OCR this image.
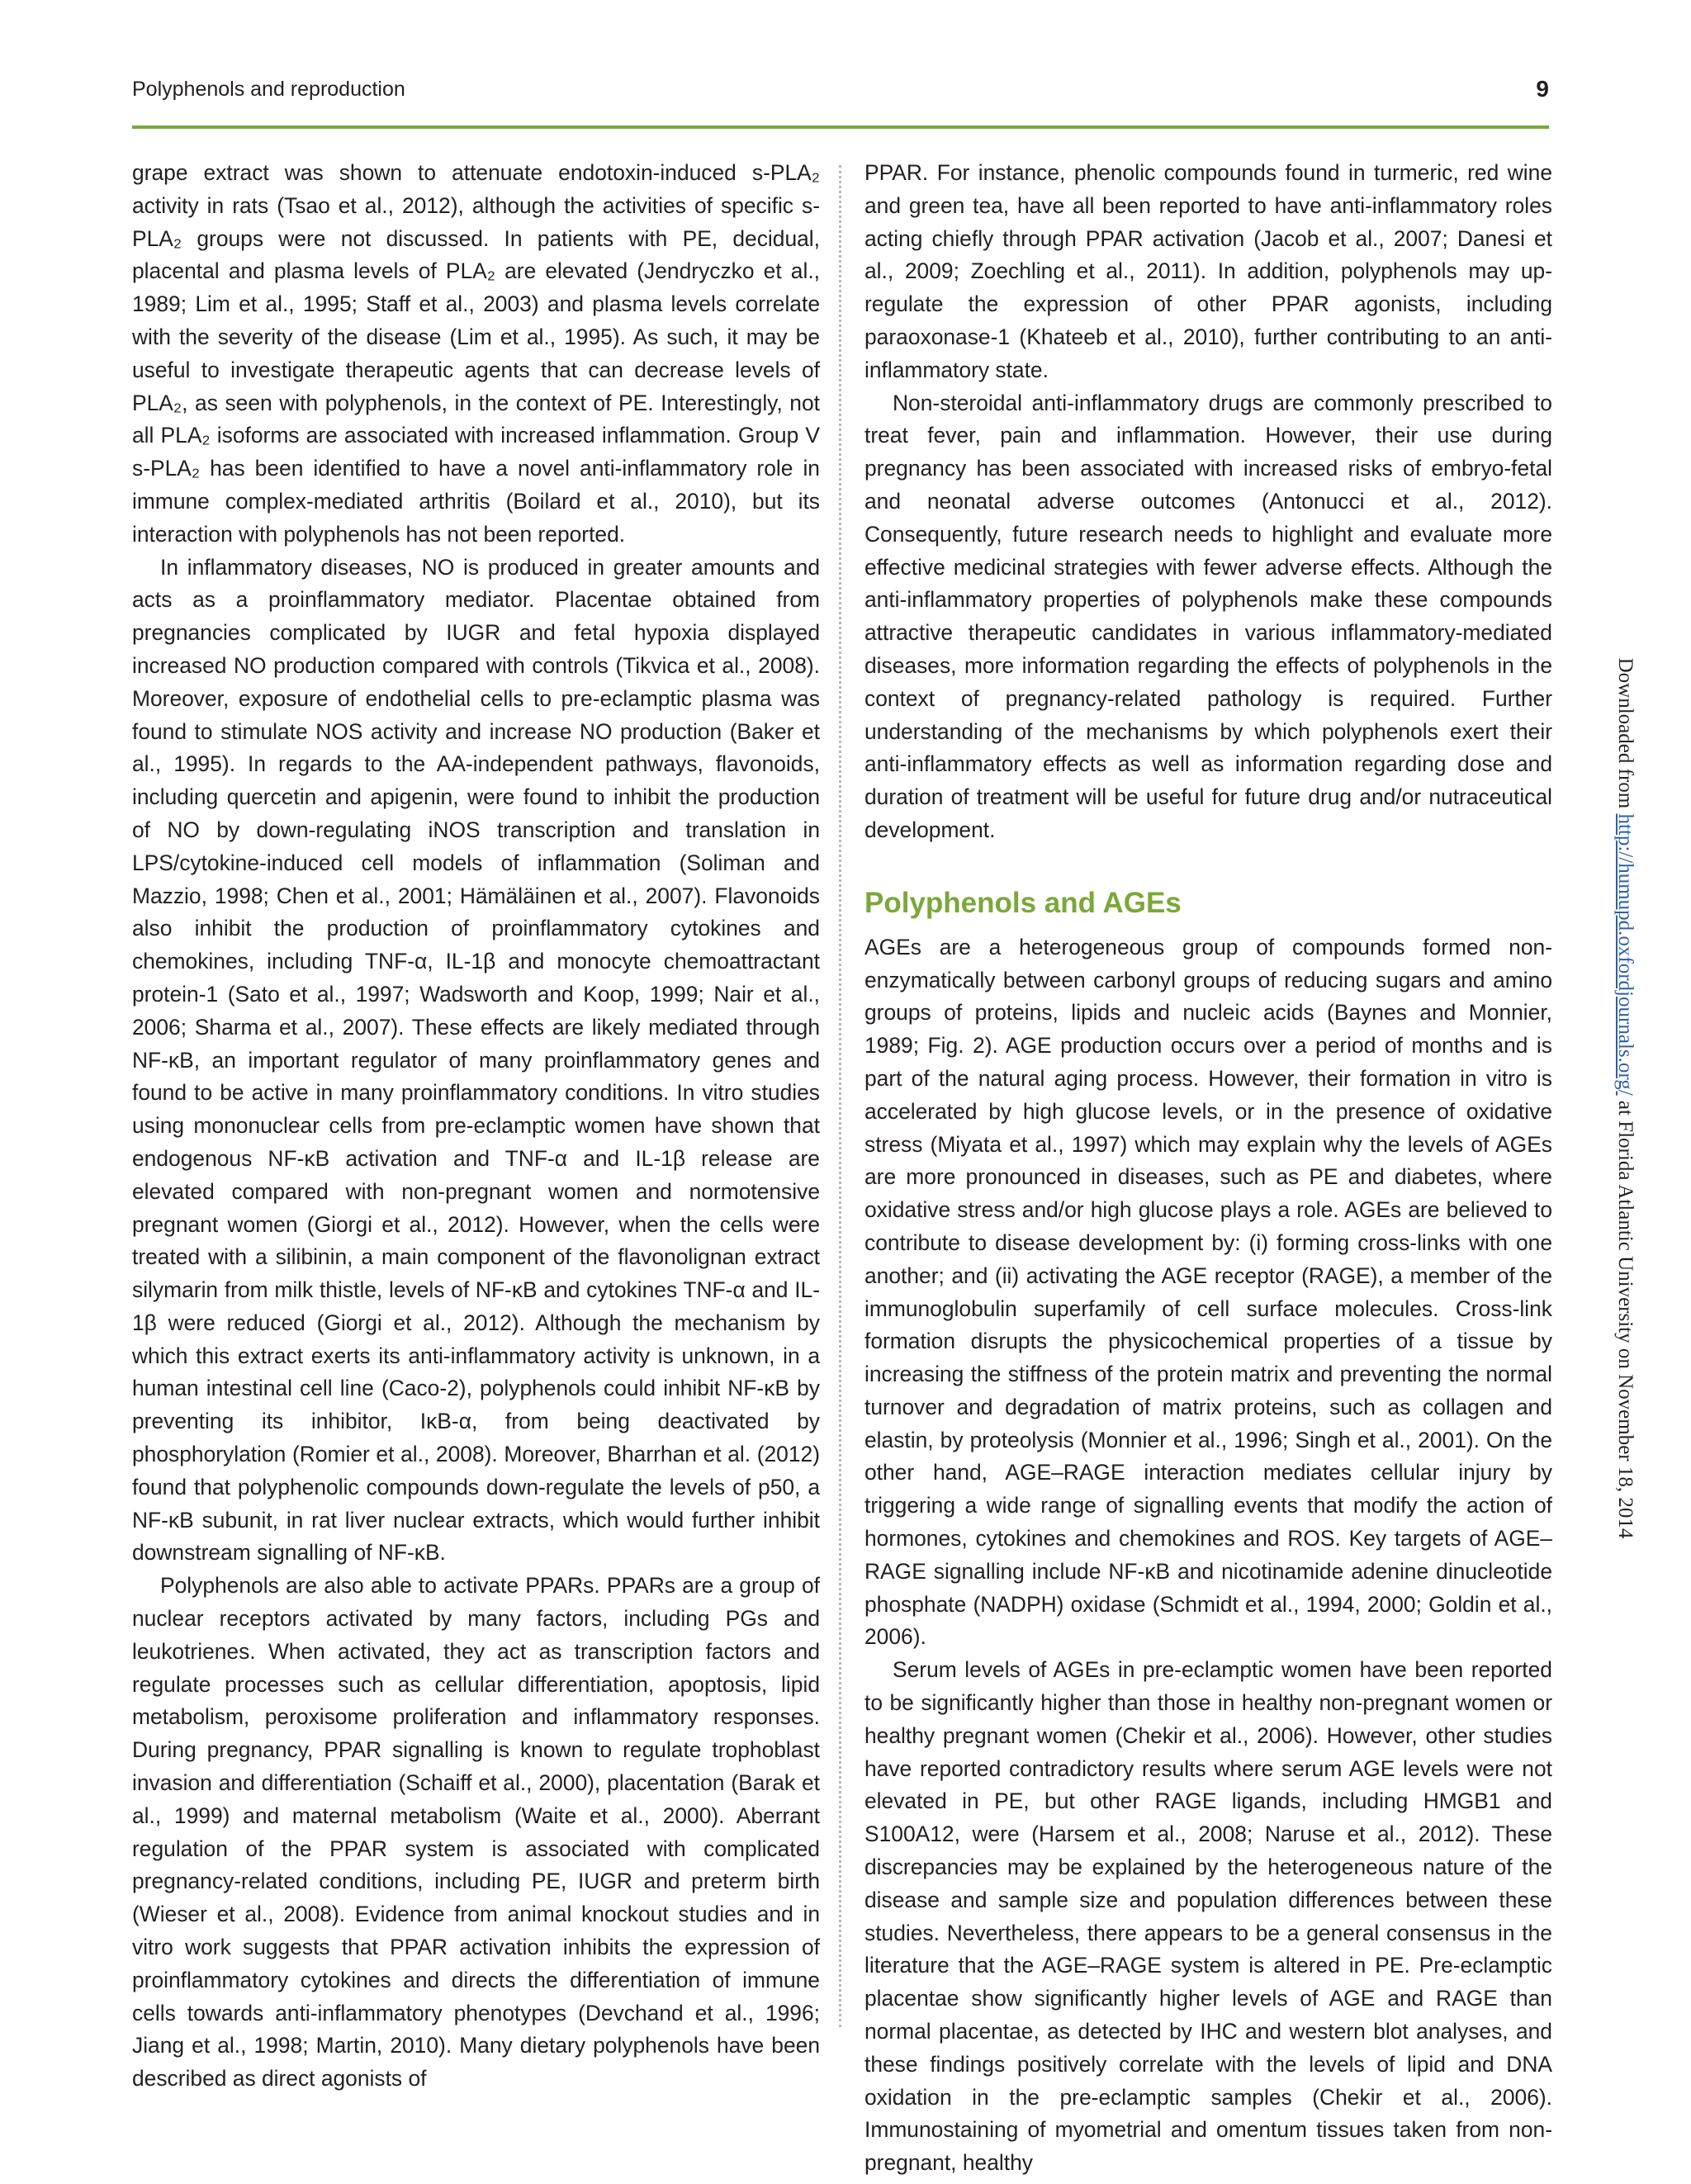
Polyphenols and reproduction	9

grape extract was shown to attenuate endotoxin-induced s-PLA₂ activity in rats (Tsao et al., 2012), although the activities of specific s-PLA₂ groups were not discussed. In patients with PE, decidual, placental and plasma levels of PLA₂ are elevated (Jendryczko et al., 1989; Lim et al., 1995; Staff et al., 2003) and plasma levels correlate with the severity of the disease (Lim et al., 1995). As such, it may be useful to investigate therapeutic agents that can decrease levels of PLA₂, as seen with polyphenols, in the context of PE. Interestingly, not all PLA₂ isoforms are associated with increased inflammation. Group V s-PLA₂ has been identified to have a novel anti-inflammatory role in immune complex-mediated arthritis (Boilard et al., 2010), but its interaction with polyphenols has not been reported.

In inflammatory diseases, NO is produced in greater amounts and acts as a proinflammatory mediator. Placentae obtained from pregnancies complicated by IUGR and fetal hypoxia displayed increased NO production compared with controls (Tikvica et al., 2008). Moreover, exposure of endothelial cells to pre-eclamptic plasma was found to stimulate NOS activity and increase NO production (Baker et al., 1995). In regards to the AA-independent pathways, flavonoids, including quercetin and apigenin, were found to inhibit the production of NO by down-regulating iNOS transcription and translation in LPS/cytokine-induced cell models of inflammation (Soliman and Mazzio, 1998; Chen et al., 2001; Hämäläinen et al., 2007). Flavonoids also inhibit the production of proinflammatory cytokines and chemokines, including TNF-α, IL-1β and monocyte chemoattractant protein-1 (Sato et al., 1997; Wadsworth and Koop, 1999; Nair et al., 2006; Sharma et al., 2007). These effects are likely mediated through NF-κB, an important regulator of many proinflammatory genes and found to be active in many proinflammatory conditions. In vitro studies using mononuclear cells from pre-eclamptic women have shown that endogenous NF-κB activation and TNF-α and IL-1β release are elevated compared with non-pregnant women and normotensive pregnant women (Giorgi et al., 2012). However, when the cells were treated with a silibinin, a main component of the flavonolignan extract silymarin from milk thistle, levels of NF-κB and cytokines TNF-α and IL-1β were reduced (Giorgi et al., 2012). Although the mechanism by which this extract exerts its anti-inflammatory activity is unknown, in a human intestinal cell line (Caco-2), polyphenols could inhibit NF-κB by preventing its inhibitor, IκB-α, from being deactivated by phosphorylation (Romier et al., 2008). Moreover, Bharrhan et al. (2012) found that polyphenolic compounds down-regulate the levels of p50, a NF-κB subunit, in rat liver nuclear extracts, which would further inhibit downstream signalling of NF-κB.

Polyphenols are also able to activate PPARs. PPARs are a group of nuclear receptors activated by many factors, including PGs and leukotrienes. When activated, they act as transcription factors and regulate processes such as cellular differentiation, apoptosis, lipid metabolism, peroxisome proliferation and inflammatory responses. During pregnancy, PPAR signalling is known to regulate trophoblast invasion and differentiation (Schaiff et al., 2000), placentation (Barak et al., 1999) and maternal metabolism (Waite et al., 2000). Aberrant regulation of the PPAR system is associated with complicated pregnancy-related conditions, including PE, IUGR and preterm birth (Wieser et al., 2008). Evidence from animal knockout studies and in vitro work suggests that PPAR activation inhibits the expression of proinflammatory cytokines and directs the differentiation of immune cells towards anti-inflammatory phenotypes (Devchand et al., 1996; Jiang et al., 1998; Martin, 2010). Many dietary polyphenols have been described as direct agonists of

PPAR. For instance, phenolic compounds found in turmeric, red wine and green tea, have all been reported to have anti-inflammatory roles acting chiefly through PPAR activation (Jacob et al., 2007; Danesi et al., 2009; Zoechling et al., 2011). In addition, polyphenols may up-regulate the expression of other PPAR agonists, including paraoxonase-1 (Khateeb et al., 2010), further contributing to an anti-inflammatory state.

Non-steroidal anti-inflammatory drugs are commonly prescribed to treat fever, pain and inflammation. However, their use during pregnancy has been associated with increased risks of embryo-fetal and neonatal adverse outcomes (Antonucci et al., 2012). Consequently, future research needs to highlight and evaluate more effective medicinal strategies with fewer adverse effects. Although the anti-inflammatory properties of polyphenols make these compounds attractive therapeutic candidates in various inflammatory-mediated diseases, more information regarding the effects of polyphenols in the context of pregnancy-related pathology is required. Further understanding of the mechanisms by which polyphenols exert their anti-inflammatory effects as well as information regarding dose and duration of treatment will be useful for future drug and/or nutraceutical development.

Polyphenols and AGEs

AGEs are a heterogeneous group of compounds formed non-enzymatically between carbonyl groups of reducing sugars and amino groups of proteins, lipids and nucleic acids (Baynes and Monnier, 1989; Fig. 2). AGE production occurs over a period of months and is part of the natural aging process. However, their formation in vitro is accelerated by high glucose levels, or in the presence of oxidative stress (Miyata et al., 1997) which may explain why the levels of AGEs are more pronounced in diseases, such as PE and diabetes, where oxidative stress and/or high glucose plays a role. AGEs are believed to contribute to disease development by: (i) forming cross-links with one another; and (ii) activating the AGE receptor (RAGE), a member of the immunoglobulin superfamily of cell surface molecules. Cross-link formation disrupts the physicochemical properties of a tissue by increasing the stiffness of the protein matrix and preventing the normal turnover and degradation of matrix proteins, such as collagen and elastin, by proteolysis (Monnier et al., 1996; Singh et al., 2001). On the other hand, AGE–RAGE interaction mediates cellular injury by triggering a wide range of signalling events that modify the action of hormones, cytokines and chemokines and ROS. Key targets of AGE–RAGE signalling include NF-κB and nicotinamide adenine dinucleotide phosphate (NADPH) oxidase (Schmidt et al., 1994, 2000; Goldin et al., 2006).

Serum levels of AGEs in pre-eclamptic women have been reported to be significantly higher than those in healthy non-pregnant women or healthy pregnant women (Chekir et al., 2006). However, other studies have reported contradictory results where serum AGE levels were not elevated in PE, but other RAGE ligands, including HMGB1 and S100A12, were (Harsem et al., 2008; Naruse et al., 2012). These discrepancies may be explained by the heterogeneous nature of the disease and sample size and population differences between these studies. Nevertheless, there appears to be a general consensus in the literature that the AGE–RAGE system is altered in PE. Pre-eclamptic placentae show significantly higher levels of AGE and RAGE than normal placentae, as detected by IHC and western blot analyses, and these findings positively correlate with the levels of lipid and DNA oxidation in the pre-eclamptic samples (Chekir et al., 2006). Immunostaining of myometrial and omentum tissues taken from non-pregnant, healthy

Downloaded from http://humupd.oxfordjournals.org/ at Florida Atlantic University on November 18, 2014
